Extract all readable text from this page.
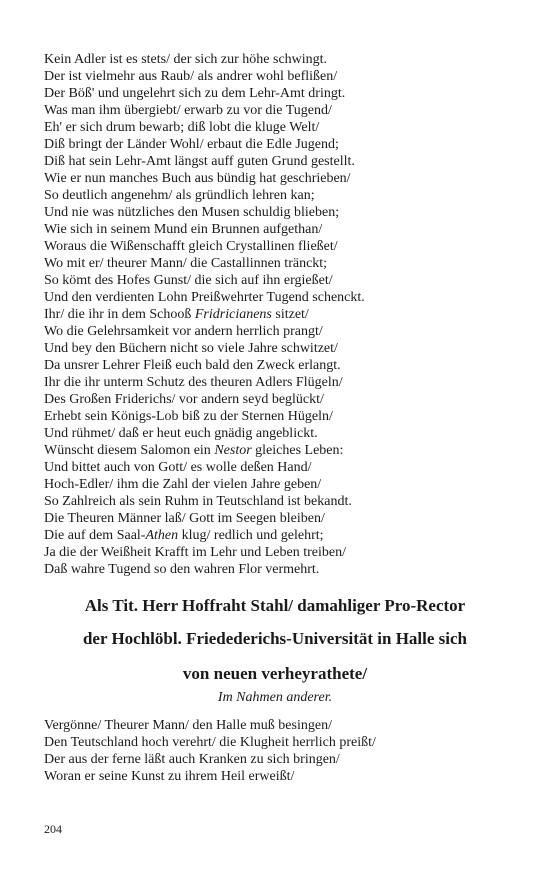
Kein Adler ist es stets/ der sich zur höhe schwingt.
Der ist vielmehr aus Raub/ als andrer wohl beflißen/
Der Böß' und ungelehrt sich zu dem Lehr-Amt dringt.
Was man ihm übergiebt/ erwarb zu vor die Tugend/
Eh' er sich drum bewarb; diß lobt die kluge Welt/
Diß bringt der Länder Wohl/ erbaut die Edle Jugend;
Diß hat sein Lehr-Amt längst auff guten Grund gestellt.
Wie er nun manches Buch aus bündig hat geschrieben/
So deutlich angenehm/ als gründlich lehren kan;
Und nie was nützliches den Musen schuldig blieben;
Wie sich in seinem Mund ein Brunnen aufgethan/
Woraus die Wißenschafft gleich Crystallinen fließet/
Wo mit er/ theurer Mann/ die Castallinnen tränckt;
So kömt des Hofes Gunst/ die sich auf ihn ergießet/
Und den verdienten Lohn Preißwehrter Tugend schenckt.
Ihr/ die ihr in dem Schooß Fridricianens sitzet/
Wo die Gelehrsamkeit vor andern herrlich prangt/
Und bey den Büchern nicht so viele Jahre schwitzet/
Da unsrer Lehrer Fleiß euch bald den Zweck erlangt.
Ihr die ihr unterm Schutz des theuren Adlers Flügeln/
Des Großen Friderichs/ vor andern seyd beglückt/
Erhebt sein Königs-Lob biß zu der Sternen Hügeln/
Und rühmet/ daß er heut euch gnädig angeblickt.
Wünscht diesem Salomon ein Nestor gleiches Leben:
Und bittet auch von Gott/ es wolle deßen Hand/
Hoch-Edler/ ihm die Zahl der vielen Jahre geben/
So Zahlreich als sein Ruhm in Teutschland ist bekandt.
Die Theuren Männer laß/ Gott im Seegen bleiben/
Die auf dem Saal-Athen klug/ redlich und gelehrt;
Ja die der Weißheit Krafft im Lehr und Leben treiben/
Daß wahre Tugend so den wahren Flor vermehrt.
Als Tit. Herr Hoffraht Stahl/ damahliger Pro-Rector
der Hochlöbl. Friedederichs-Universität in Halle sich
von neuen verheyrathete/
Im Nahmen anderer.
Vergönne/ Theurer Mann/ den Halle muß besingen/
Den Teutschland hoch verehrt/ die Klugheit herrlich preißt/
Der aus der ferne läßt auch Kranken zu sich bringen/
Woran er seine Kunst zu ihrem Heil erweißt/
204
